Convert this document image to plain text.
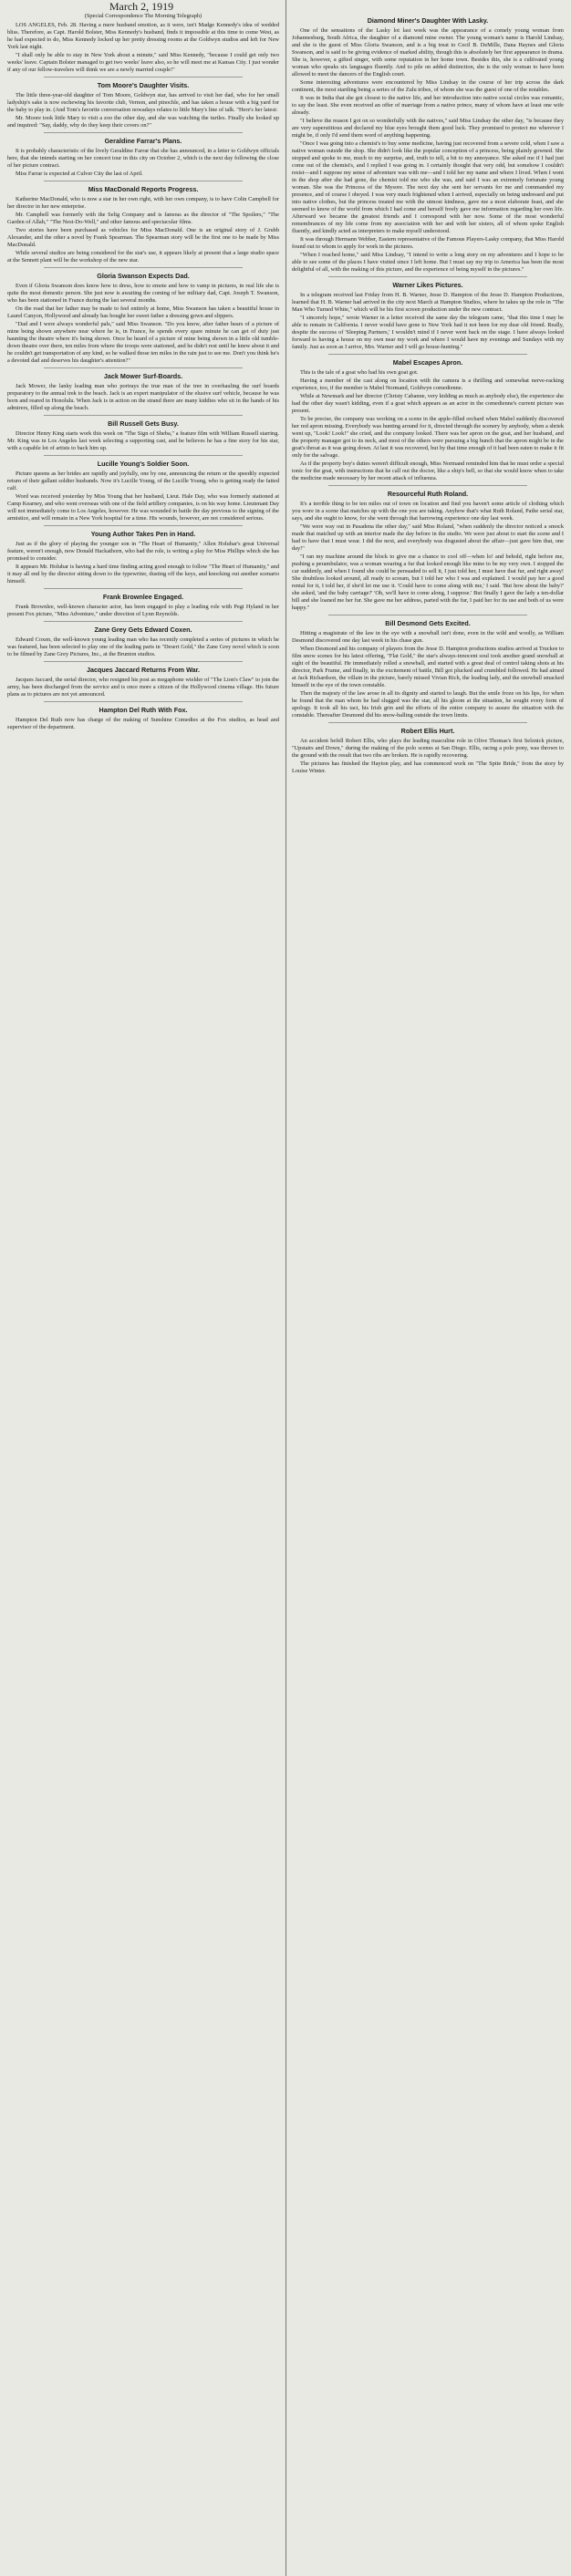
March 2, 1919
(Special Correspondence The Morning Telegraph)

LOS ANGELES, Feb. 28. Having a mere husband emotion, as it were, isn't Madge Kennedy's idea of wedded bliss. Therefore, as Capt. Harold Bolster, Miss Kennedy's husband, finds it impossible at this time to come West, as he had expected to do, Miss Kennedy locked up her pretty dressing rooms at the Goldwyn studios and left for New York last night.

"I shall only be able to stay in New York about a minute," said Miss Kennedy, "because I could get only two weeks' leave. Captain Bolster managed to get two weeks' leave also, so he will meet me at Kansas City. I just wonder if any of our fellow-travelers will think we are a newly married couple!"

Tom Moore's Daughter Visits.

The little three-year-old daughter of Tom Moore, Goldwyn star, has arrived to visit her dad, who for her small ladyship's sake is now eschewing his favorite club, Vernon, and pinochle, and has taken a house with a big yard for the baby to play in. (And Tom's favorite conversation nowadays relates to little Mary's line of talk. "Here's her latest:

Mr. Moore took little Mary to visit a zoo the other day, and she was watching the turtles. Finally she looked up and inquired: "Say, daddy, why do they keep their covers on?"

Geraldine Farrar's Plans.

It is probably characteristic of the lively Geraldine Farrar that she has announced, in a letter to Goldwyn officials here, that she intends starting on her concert tour in this city on October 2, which is the next day following the close of her picture contract.

Miss Farrar is expected at Culver City the last of April.

Miss MacDonald Reports Progress.

Katherine MacDonald, who is now a star in her own right, with her own company, is to have Colin Campbell for her director in her new enterprise.

Mr. Campbell was formerly with the Selig Company and is famous as the director of "The Spoilers," "The Garden of Allah," "The Nest-Do-Well," and other famous and spectacular films.

Two stories have been purchased as vehicles for Miss MacDonald. One is an original story of J. Grubb Alexander, and the other a novel by Frank Spearman. The Spearman story will be the first one to be made by Miss MacDonald.

While several studios are being considered for the star's use, it appears likely at present that a large studio space at the Sennett plant will be the workshop of the new star.

Gloria Swanson Expects Dad.

Even if Gloria Swanson does know how to dress, how to emote and how to vamp in pictures, in real life she is quite the most domestic person. She just now is awaiting the coming of her military dad, Capt. Joseph T. Swanson, who has been stationed in France during the last several months.

On the road that her father may be made to feel entirely at home, Miss Swanson has taken a beautiful house in Laurel Canyon, Hollywood and already has bought her sweet father a dressing gown and slippers.

"Dad and I were always wonderful pals," said Miss Swanson. "Do you know, after father hears of a picture of mine being shown anywhere near where he is, in France, he spends every spare minute he can get of duty just haunting the theatre where it's being shown. Once he heard of a picture of mine being shown in a little old tumble-down theatre over there, ten miles from where the troops were stationed, and he didn't rest until he knew about it and he couldn't get transportation of any kind, so he walked those ten miles in the rain just to see me. Don't you think he's a devoted dad and deserves his daughter's attention?"

Jack Mower Surf-Boards.

Jack Mower, the lanky leading man who portrays the true man of the tree in overhauling the surf boards preparatory to the annual trek to the beach. Jack is an expert manipulator of the elusive surf vehicle, because he was born and reared in Honolulu. When Jack is in action on the strand there are many kiddies who sit in the hands of his admirers, filled up along the beach.

Bill Russell Gets Busy.

Director Henry King starts work this week on "The Sign of Sheba," a feature film with William Russell starring. Mr. King was in Los Angeles last week selecting a supporting cast, and he believes he has a fine story for his star, with a capable lot of artists to back him up.

Lucille Young's Soldier Soon.

Picture queens as her brides are rapidly and joyfully, one by one, announcing the return or the speedily expected return of their gallant soldier husbands. Now it's Lucille Young, of the Lucille Young, who is getting ready the fatted calf.

Word was received yesterday by Miss Young that her husband, Lieut. Hale Day, who was formerly stationed at Camp Kearney, and who went overseas with one of the field artillery companies, is on his way home. Lieutenant Day will not immediately come to Los Angeles, however. He was wounded in battle the day previous to the signing of the armistice, and will remain in a New York hospital for a time. His wounds, however, are not considered serious.

Young Author Takes Pen in Hand.

Just as if the glory of playing the younger son in "The Heart of Humanity," Allen Holubar's great Universal feature, weren't enough, now Donald Hackathorn, who had the role, is writing a play for Miss Phillips which she has promised to consider.

It appears Mr. Holubar is having a hard time finding acting good enough to follow "The Heart of Humanity," and it may all end by the director sitting down to the typewriter, dusting off the keys, and knocking out another scenario himself.

Frank Brownlee Engaged.

Frank Brownlee, well-known character actor, has been engaged to play a leading role with Pegi Hyland in her present Fox picture, "Miss Adventure," under direction of Lynn Reynolds.

Zane Grey Gets Edward Coxen.

Edward Coxen, the well-known young leading man who has recently completed a series of pictures in which he was featured, has been selected to play one of the leading parts in "Desert Gold," the Zane Grey novel which is soon to be filmed by Zane Grey Pictures, Inc., at the Brunton studios.

Jacques Jaccard Returns From War.

Jacques Jaccard, the serial director, who resigned his post as megaphone wielder of "The Lion's Claw" to join the army, has been discharged from the service and is once more a citizen of the Hollywood cinema village. His future plans as to pictures are not yet announced.

Hampton Del Ruth With Fox.

Hampton Del Ruth now has charge of the making of Sunshine Comedies at the Fox studios, as head and supervisor of the department.

Diamond Miner's Daughter With Lasky.

One of the sensations of the Lasky lot last week was the appearance of a comely young woman from Johannesburg, South Africa, the daughter of a diamond mine owner. The young woman's name is Harold Lindsay, and she is the guest of Miss Gloria Swanson, and is a big treat to Cecil B. DeMille, Dana Haynes and Gloria Swanson, and is said to be giving evidence of marked ability, though this is absolutely her first appearance in drama. She is, however, a gifted singer, with some reputation in her home town. Besides this, she is a cultivated young woman who speaks six languages fluently. And to pile on added distinction, she is the only woman to have been allowed to meet the dancers of the English court.

Some interesting adventures were encountered by Miss Lindsay in the course of her trip across the dark continent, the most startling being a series of the Zulu tribes, of whom she was the guest of one of the notables.

It was in India that she got closest to the native life, and her introduction into native social circles was romantic, to say the least. She even received an offer of marriage from a native prince, many of whom have at least one wife already.

"I believe the reason I got on so wonderfully with the natives," said Miss Lindsay the other day, "is because they are very superstitious and declared my blue eyes brought them good luck. They promised to protect me wherever I might be, if only I'd send them word of anything happening.

"Once I was going into a chemist's to buy some medicine, having just recovered from a severe cold, when I saw a native woman outside the shop. She didn't look like the popular conception of a princess, being plainly gowned. She stopped and spoke to me, much to my surprise, and, truth to tell, a bit to my annoyance. She asked me if I had just come out of the chemist's, and I replied I was going in. I certainly thought that very odd, but somehow I couldn't resist—and I suppose my sense of adventure was with me—and I told her my name and where I lived. When I went in the shop after she had gone, the chemist told me who she was, and said I was an extremely fortunate young woman. She was the Princess of the Mysore. The next day she sent her servants for me and commanded my presence, and of course I obeyed. I was very much frightened when I arrived, especially on being undressed and put into native clothes, but the princess treated me with the utmost kindness, gave me a most elaborate feast, and she seemed to know of the world from which I had come and herself freely gave me information regarding her own life. Afterward we became the greatest friends and I correspond with her now. Some of the most wonderful remembrances of my life come from my association with her and with her sisters, all of whom spoke English fluently, and kindly acted as interpreters to make myself understood.

It was through Hermann Webber, Eastern representative of the Famous Players-Lasky company, that Miss Harold found out to whom to apply for work in the pictures.

"When I reached home," said Miss Lindsay, "I intend to write a long story on my adventures and I hope to be able to see some of the places I have visited since I left home. But I must say my trip to America has been the most delightful of all, with the making of this picture, and the experience of being myself in the pictures."

Warner Likes Pictures.

In a telegram received last Friday from H. B. Warner, Jesse D. Hampton of the Jesse D. Hampton Productions, learned that H. B. Warner had arrived in the city next March at Hampton Studios, where he takes up the role in "The Man Who Turned White," which will be his first screen production under the new contract.

"I sincerely hope," wrote Warner in a letter received the same day the telegram came, "that this time I may be able to remain in California. I never would have gone to New York had it not been for my dear old friend. Really, despite the success of 'Sleeping Partners,' I wouldn't mind if I never went back on the stage. I have always looked forward to having a house on my own near my work and where I would have my evenings and Sundays with my family. Just as soon as I arrive, Mrs. Warner and I will go house-hunting."

Mabel Escapes Apron.

This is the tale of a goat who had his own goat got.

Having a member of the cast along on location with the camera is a thrilling and somewhat nerve-racking experience, too, if the member is Mabel Normand, Goldwyn comedienne.

While at Newmark and her director (Christy Cabanne, very kidding as much as anybody else), the experience she had the other day wasn't kidding, even if a goat which appears as an actor in the comedienne's current picture was present.

To be precise, the company was working on a scene in the apple-filled orchard when Mabel suddenly discovered her red apron missing. Everybody was hunting around for it, directed through the scenery by anybody, when a shriek went up, "Look! Look!" she cried, and the company looked. There was her apron on the goat, and her husband, and the property manager got to its neck, and most of the others were pursuing a big hunch that the apron might be in the goat's throat as it was going down. At last it was recovered, but by that time enough of it had been eaten to make it fit only for the salvage.

As if the property boy's duties weren't difficult enough, Miss Normand reminded him that he must order a special tonic for the goat, with instructions that he call out the doctor, like a ship's bell, so that she would know when to take the medicine made necessary by her recent attack of influenza.

Resourceful Ruth Roland.

It's a terrible thing to be ten miles out of town on location and find you haven't some article of clothing which you wore in a scene that matches up with the one you are taking. Anyhow that's what Ruth Roland, Pathe serial star, says, and she ought to know, for she went through that harrowing experience one day last week.

"We were way out in Pasadena the other day," said Miss Roland, "when suddenly the director noticed a smock made that matched up with an interior made the day before in the studio. We were just about to start the scene and I had to have that I must wear. I did the next, and everybody was disgusted about the affair—just gave him that, one day!"

"I ran my machine around the block to give me a chance to cool off—when lo! and behold, right before me, pushing a perambulator, was a woman wearing a fur that looked enough like mine to be my very own. I stopped the car suddenly, and when I found she could be persuaded to sell it, I just told her, I must have that fur, and right away! She doubtless looked around, all ready to scream, but I told her who I was and explained. I would pay her a good rental for it, I told her, if she'd let me use it. 'Could have to come along with me,' I said. 'But how about the baby?' she asked, 'and the baby carriage?' 'Oh, we'll have to come along, I suppose.' But finally I gave the lady a ten-dollar bill and she loaned me her fur. She gave me her address, parted with the fur, I paid her for its use and both of us were happy."

Bill Desmond Gets Excited.

Hitting a magistrate of the law in the eye with a snowball isn't done, even in the wild and woolly, as William Desmond discovered one day last week in his chase gun.

When Desmond and his company of players from the Jesse D. Hampton productions studios arrived at Truckee to film snow scenes for his latest offering, "Flat Gold," the star's always-innocent soul took another grand snowball at sight of the beautiful. He immediately rolled a snowball, and started with a great deal of control taking shots at his director, Park Frame, and finally, in the excitement of battle, Bill got plucked and crumbled followed. He had aimed at Jack Richardson, the villain in the picture, barely missed Vivian Rich, the leading lady, and the snowball smacked himself in the eye of the town constable.

Then the majesty of the law arose in all its dignity and started to laugh. But the smile froze on his lips, for when he found that the man whom he had slugged was the star, all his gloom at the situation, he sought every form of apology. It took all his tact, his Irish grin and the efforts of the entire company to assure the situation with the constable. Thereafter Desmond did his snow-balling outside the town limits.

Robert Ellis Hurt.

An accident befell Robert Ellis, who plays the leading masculine role in Olive Thomas's first Selznick picture, "Upstairs and Down," during the making of the polo scenes at San Diego. Ellis, racing a polo pony, was thrown to the ground with the result that two ribs are broken. He is rapidly recovering.

The pictures has finished the Hayton play, and has commenced work on "The Spite Bride," from the story by Louise Winter.
